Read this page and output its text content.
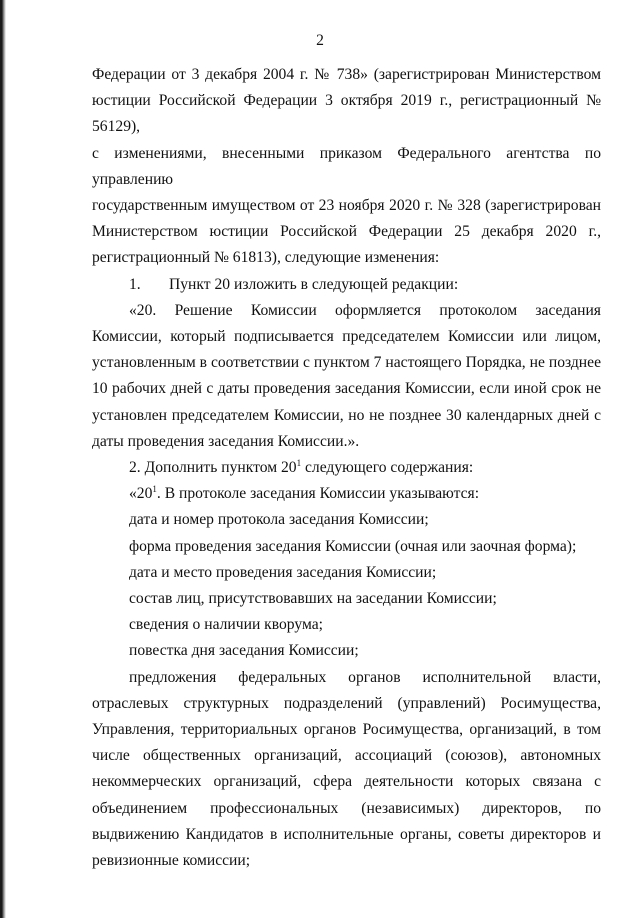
2

Федерации от 3 декабря 2004 г. № 738» (зарегистрирован Министерством

юстиции Российской Федерации 3 октября 2019 г., регистрационный № 56129),

с изменениями, внесенными приказом Федерального агентства по управлению

государственным имуществом от 23 ноября 2020 г. № 328 (зарегистрирован

Министерством юстиции Российской Федерации 25 декабря 2020 г.,

регистрационный № 61813), следующие изменения:

1. Пункт 20 изложить в следующей редакции:

«20. Решение Комиссии оформляется протоколом заседания Комиссии, который подписывается председателем Комиссии или лицом, установленным в соответствии с пунктом 7 настоящего Порядка, не позднее 10 рабочих дней с даты проведения заседания Комиссии, если иной срок не установлен председателем Комиссии, но не позднее 30 календарных дней с даты проведения заседания Комиссии.».

2. Дополнить пунктом $20^1$ следующего содержания:

«$20^1$. В протоколе заседания Комиссии указываются:

дата и номер протокола заседания Комиссии;

форма проведения заседания Комиссии (очная или заочная форма);

дата и место проведения заседания Комиссии;

состав лиц, присутствовавших на заседании Комиссии;

сведения о наличии кворума;

повестка дня заседания Комиссии;

предложения федеральных органов исполнительной власти, отраслевых структурных подразделений (управлений) Росимущества, Управления, территориальных органов Росимущества, организаций, в том числе общественных организаций, ассоциаций (союзов), автономных некоммерческих организаций, сфера деятельности которых связана с объединением профессиональных (независимых) директоров, по выдвижению Кандидатов в исполнительные органы, советы директоров и ревизионные комиссии;
